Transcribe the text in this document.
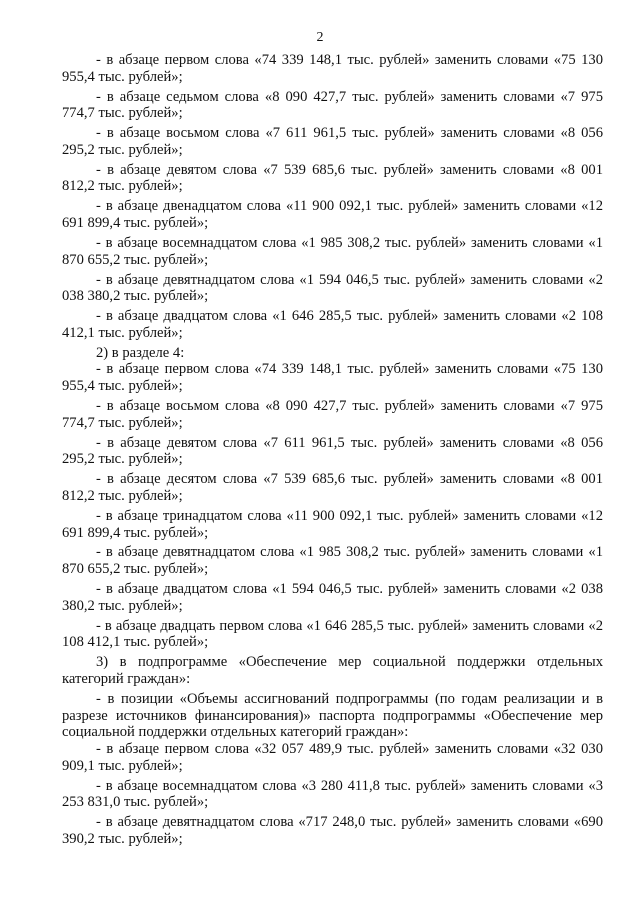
2

- в абзаце первом слова «74 339 148,1 тыс. рублей» заменить словами «75 130 955,4 тыс. рублей»;

- в абзаце седьмом слова «8 090 427,7 тыс. рублей» заменить словами «7 975 774,7 тыс. рублей»;

- в абзаце восьмом слова «7 611 961,5 тыс. рублей» заменить словами «8 056 295,2 тыс. рублей»;

- в абзаце девятом слова «7 539 685,6 тыс. рублей» заменить словами «8 001 812,2 тыс. рублей»;

- в абзаце двенадцатом слова «11 900 092,1 тыс. рублей» заменить словами «12 691 899,4 тыс. рублей»;

- в абзаце восемнадцатом слова «1 985 308,2 тыс. рублей» заменить словами «1 870 655,2 тыс. рублей»;

- в абзаце девятнадцатом слова «1 594 046,5 тыс. рублей» заменить словами «2 038 380,2 тыс. рублей»;

- в абзаце двадцатом слова «1 646 285,5 тыс. рублей» заменить словами «2 108 412,1 тыс. рублей»;

2) в разделе 4:

- в абзаце первом слова «74 339 148,1 тыс. рублей» заменить словами «75 130 955,4 тыс. рублей»;

- в абзаце восьмом слова «8 090 427,7 тыс. рублей» заменить словами «7 975 774,7 тыс. рублей»;

- в абзаце девятом слова «7 611 961,5 тыс. рублей» заменить словами «8 056 295,2 тыс. рублей»;

- в абзаце десятом слова «7 539 685,6 тыс. рублей» заменить словами «8 001 812,2 тыс. рублей»;

- в абзаце тринадцатом слова «11 900 092,1 тыс. рублей» заменить словами «12 691 899,4 тыс. рублей»;

- в абзаце девятнадцатом слова «1 985 308,2 тыс. рублей» заменить словами «1 870 655,2 тыс. рублей»;

- в абзаце двадцатом слова «1 594 046,5 тыс. рублей» заменить словами «2 038 380,2 тыс. рублей»;

- в абзаце двадцать первом слова «1 646 285,5 тыс. рублей» заменить словами «2 108 412,1 тыс. рублей»;

3) в подпрограмме «Обеспечение мер социальной поддержки отдельных категорий граждан»:

- в позиции «Объемы ассигнований подпрограммы (по годам реализации и в разрезе источников финансирования)» паспорта подпрограммы «Обеспечение мер социальной поддержки отдельных категорий граждан»:

- в абзаце первом слова «32 057 489,9 тыс. рублей» заменить словами «32 030 909,1 тыс. рублей»;

- в абзаце восемнадцатом слова «3 280 411,8 тыс. рублей» заменить словами «3 253 831,0 тыс. рублей»;

- в абзаце девятнадцатом слова «717 248,0 тыс. рублей» заменить словами «690 390,2 тыс. рублей»;
